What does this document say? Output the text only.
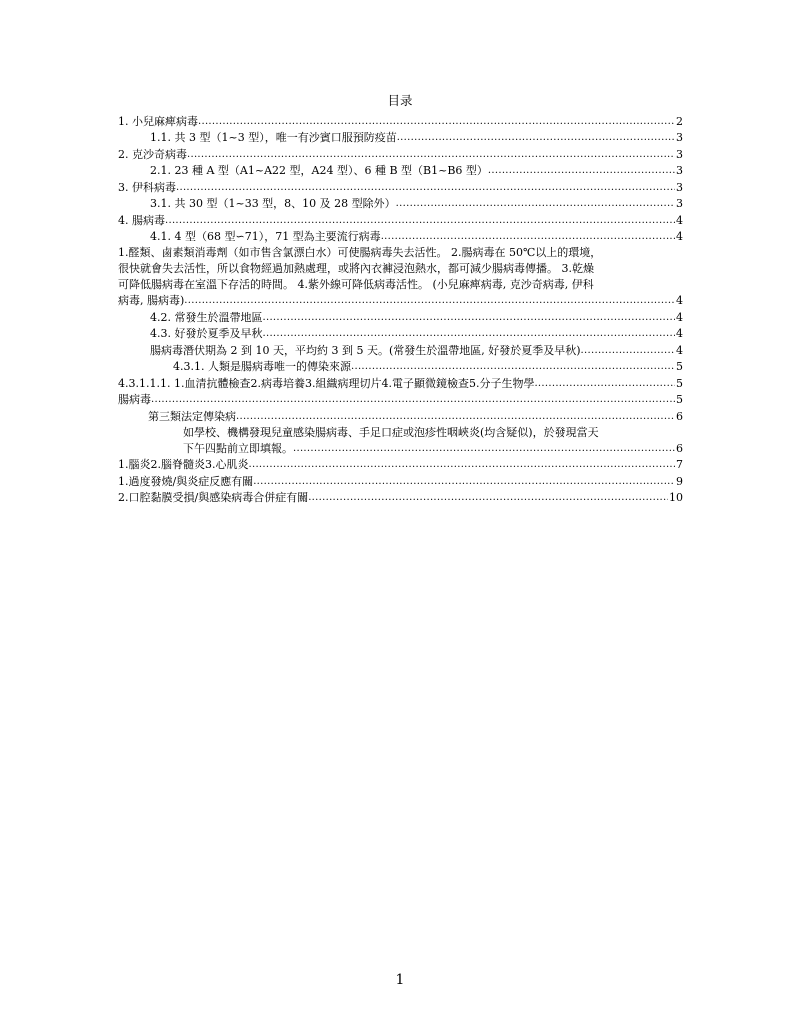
目录
1. 小兒麻痺病毒 .....	2
1.1. 共 3 型（1~3 型），唯一有沙賓口服預防疫苗 .....	3
2. 克沙奇病毒 .....	3
2.1. 23 種 A 型（A1~A22 型，A24 型）、6 種 B 型（B1~B6 型） .....	3
3. 伊科病毒 .....	3
3.1. 共 30 型（1~33 型，8、10 及 28 型除外） .....	3
4. 腸病毒 .....	4
4.1. 4 型（68 型∽71），71 型為主要流行病毒 .....	4
1.醛類、鹵素類消毒劑（如市售含氯漂白水）可使腸病毒失去活性。 2.腸病毒在 50℃以上的環境，
很快就會失去活性，所以食物經過加熱處理，或將內衣褲浸泡熱水，都可減少腸病毒傳播。 3.乾燥
可降低腸病毒在室溫下存活的時間。 4.紫外線可降低病毒活性。 (小兒麻痺病毒, 克沙奇病毒, 伊科
病毒, 腸病毒) .....	4
4.2. 常發生於溫帶地區 .....	4
4.3. 好發於夏季及早秋 .....	4
腸病毒潛伏期為 2 到 10 天，平均約 3 到 5 天。(常發生於溫帶地區, 好發於夏季及早秋) .....	4
4.3.1. 人類是腸病毒唯一的傳染來源 .....	5
4.3.1.1.1. 1.血清抗體檢查2.病毒培養3.組織病理切片4.電子顯微鏡檢查5.分子生物學 .....	5
腸病毒 .....	5
第三類法定傳染病 .....	6
如學校、機構發現兒童感染腸病毒、手足口症或泡疹性咽峽炎(均含疑似)，於發現當天
下午四點前立即填報。 .....	6
1.腦炎2.腦脊髓炎3.心肌炎 .....	7
1.過度發燒/與炎症反應有關 .....	9
2.口腔黏膜受損/與感染病毒合併症有關 .....	10
1
